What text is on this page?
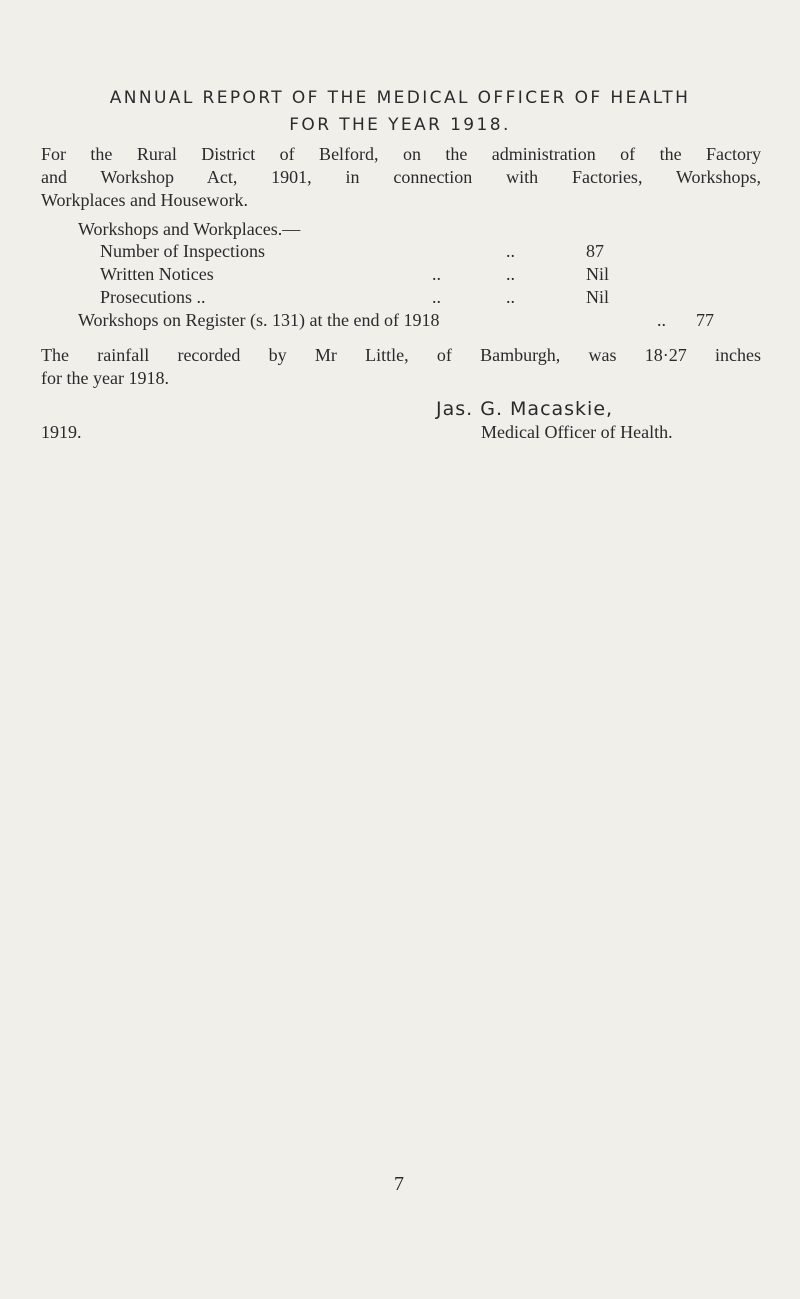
ANNUAL REPORT OF THE MEDICAL OFFICER OF HEALTH
FOR THE YEAR 1918.
For the Rural District of Belford, on the administration of the Factory
and Workshop Act, 1901, in connection with Factories, Workshops,
Workplaces and Housework.
Workshops and Workplaces.—
Number of Inspections	..	87
Written Notices	..	..	Nil
Prosecutions ..	..	..	Nil
Workshops on Register (s. 131) at the end of 1918	.. 77
The rainfall recorded by Mr Little, of Bamburgh, was 18·27 inches
for the year 1918.
Jas. G. Macaskie,
1919.	Medical Officer of Health.
7
